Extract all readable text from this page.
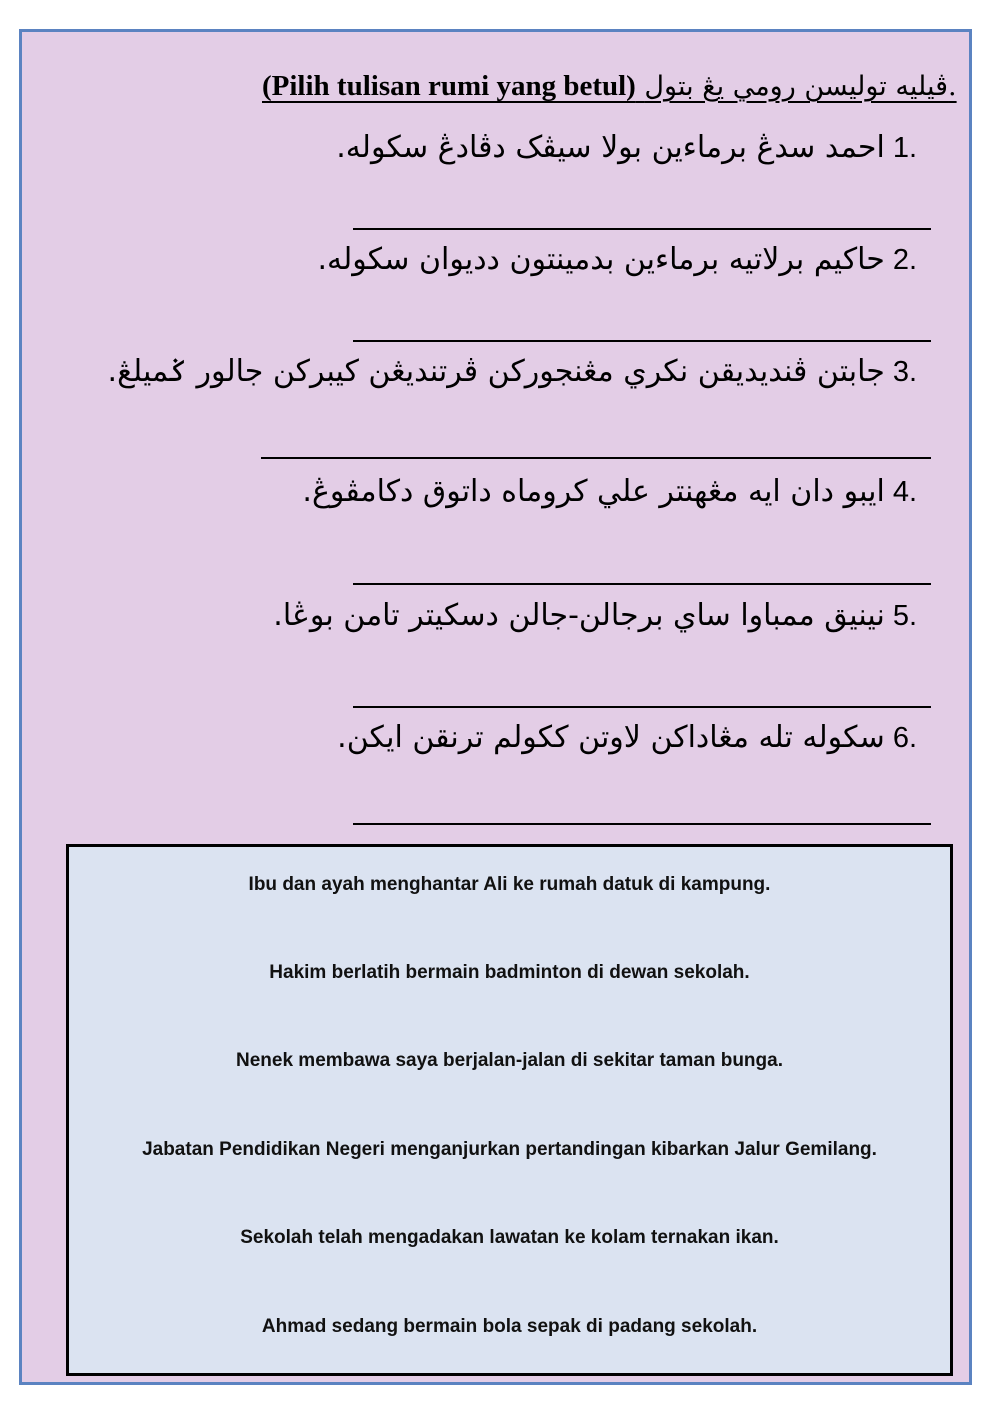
(Pilih tulisan rumi yang betul) ڤيليه توليسن رومي يڠ بتول.
1.احمد سدڠ برماءين بولا سيڤک دڤادڠ سکوله.
2.حاکيم برلاتيه برماءين بدمينتون دديوان سکوله.
3.جابتن ڤنديديقن نکري مڠنجورکن ڤرتنديڠن کيبرکن جالور ݢميلڠ.
4.ايبو دان ايه مڠهنتر علي کروماه داتوق دکامڤوڠ.
5.نينيق ممباوا ساي برجالن-جالن دسکيتر تامن بوڠا.
6.سکوله تله مڠاداکن لاوتن ککولم ترنقن ايکن.
Ibu dan ayah menghantar Ali ke rumah datuk di kampung.
Hakim berlatih bermain badminton di dewan sekolah.
Nenek membawa saya berjalan-jalan di sekitar taman bunga.
Jabatan Pendidikan Negeri menganjurkan pertandingan kibarkan Jalur Gemilang.
Sekolah telah mengadakan lawatan ke kolam ternakan ikan.
Ahmad sedang bermain bola sepak di padang sekolah.
